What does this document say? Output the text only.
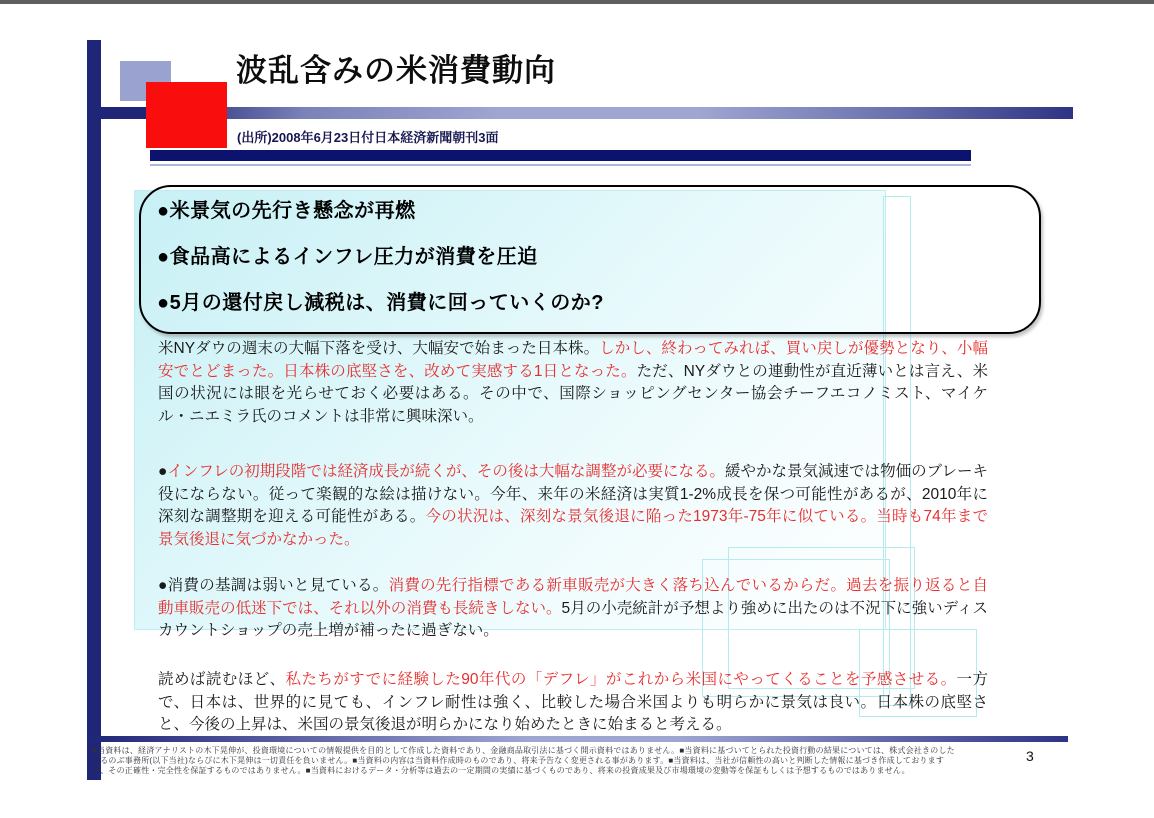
波乱含みの米消費動向
(出所)2008年6月23日付日本経済新聞朝刊3面
●米景気の先行き懸念が再燃
●食品高によるインフレ圧力が消費を圧迫
●5月の還付戻し減税は、消費に回っていくのか?
米NYダウの週末の大幅下落を受け、大幅安で始まった日本株。しかし、終わってみれば、買い戻しが優勢となり、小幅安でとどまった。日本株の底堅さを、改めて実感する1日となった。ただ、NYダウとの連動性が直近薄いとは言え、米国の状況には眼を光らせておく必要はある。その中で、国際ショッピングセンター協会チーフエコノミスト、マイケル・ニエミラ氏のコメントは非常に興味深い。
●インフレの初期段階では経済成長が続くが、その後は大幅な調整が必要になる。緩やかな景気減速では物価のブレーキ役にならない。従って楽観的な絵は描けない。今年、来年の米経済は実質1-2%成長を保つ可能性があるが、2010年に深刻な調整期を迎える可能性がある。今の状況は、深刻な景気後退に陥った1973年-75年に似ている。当時も74年まで景気後退に気づかなかった。
●消費の基調は弱いと見ている。消費の先行指標である新車販売が大きく落ち込んでいるからだ。過去を振り返ると自動車販売の低迷下では、それ以外の消費も長続きしない。5月の小売統計が予想より強めに出たのは不況下に強いディスカウントショップの売上増が補ったに過ぎない。
読めば読むほど、私たちがすでに経験した90年代の「デフレ」がこれから米国にやってくることを予感させる。一方で、日本は、世界的に見ても、インフレ耐性は強く、比較した場合米国よりも明らかに景気は良い。日本株の底堅さと、今後の上昇は、米国の景気後退が明らかになり始めたときに始まると考える。
■当資料は、経済アナリストの木下晃伸が、投資環境についての情報提供を目的として作成した資料であり、金融商品取引法に基づく開示資料ではありません。■当資料に基づいてとられた投資行動の結果については、株式会社きのした
てるのぶ事務所(以下当社)ならびに木下晃伸は一切責任を負いません。■当資料の内容は当資料作成時のものであり、将来予告なく変更される事があります。■当資料は、当社が信頼性の高いと判断した情報に基づき作成しております
が、その正確性・完全性を保証するものではありません。■当資料におけるデータ・分析等は過去の一定期間の実績に基づくものであり、将来の投資成果及び市場環境の変動等を保証もしくは予想するものではありません。
3
